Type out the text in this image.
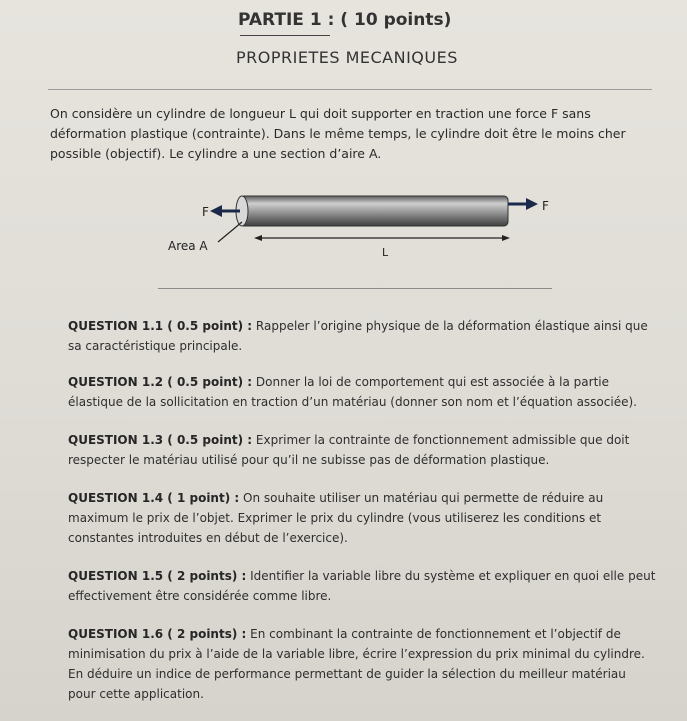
PARTIE 1 : ( 10 points)
PROPRIETES MECANIQUES
On considère un cylindre de longueur L qui doit supporter en traction une force F sans
déformation plastique (contrainte). Dans le même temps, le cylindre doit être le moins cher
possible (objectif). Le cylindre a une section d’aire A.
F	F
Area A	L
QUESTION 1.1 ( 0.5 point) : Rappeler l’origine physique de la déformation élastique ainsi que
sa caractéristique principale.
QUESTION 1.2 ( 0.5 point) : Donner la loi de comportement qui est associée à la partie
élastique de la sollicitation en traction d’un matériau (donner son nom et l’équation associée).
QUESTION 1.3 ( 0.5 point) : Exprimer la contrainte de fonctionnement admissible que doit
respecter le matériau utilisé pour qu’il ne subisse pas de déformation plastique.
QUESTION 1.4 ( 1 point) : On souhaite utiliser un matériau qui permette de réduire au
maximum le prix de l’objet. Exprimer le prix du cylindre (vous utiliserez les conditions et
constantes introduites en début de l’exercice).
QUESTION 1.5 ( 2 points) : Identifier la variable libre du système et expliquer en quoi elle peut
effectivement être considérée comme libre.
QUESTION 1.6 ( 2 points) : En combinant la contrainte de fonctionnement et l’objectif de
minimisation du prix à l’aide de la variable libre, écrire l’expression du prix minimal du cylindre.
En déduire un indice de performance permettant de guider la sélection du meilleur matériau
pour cette application.
